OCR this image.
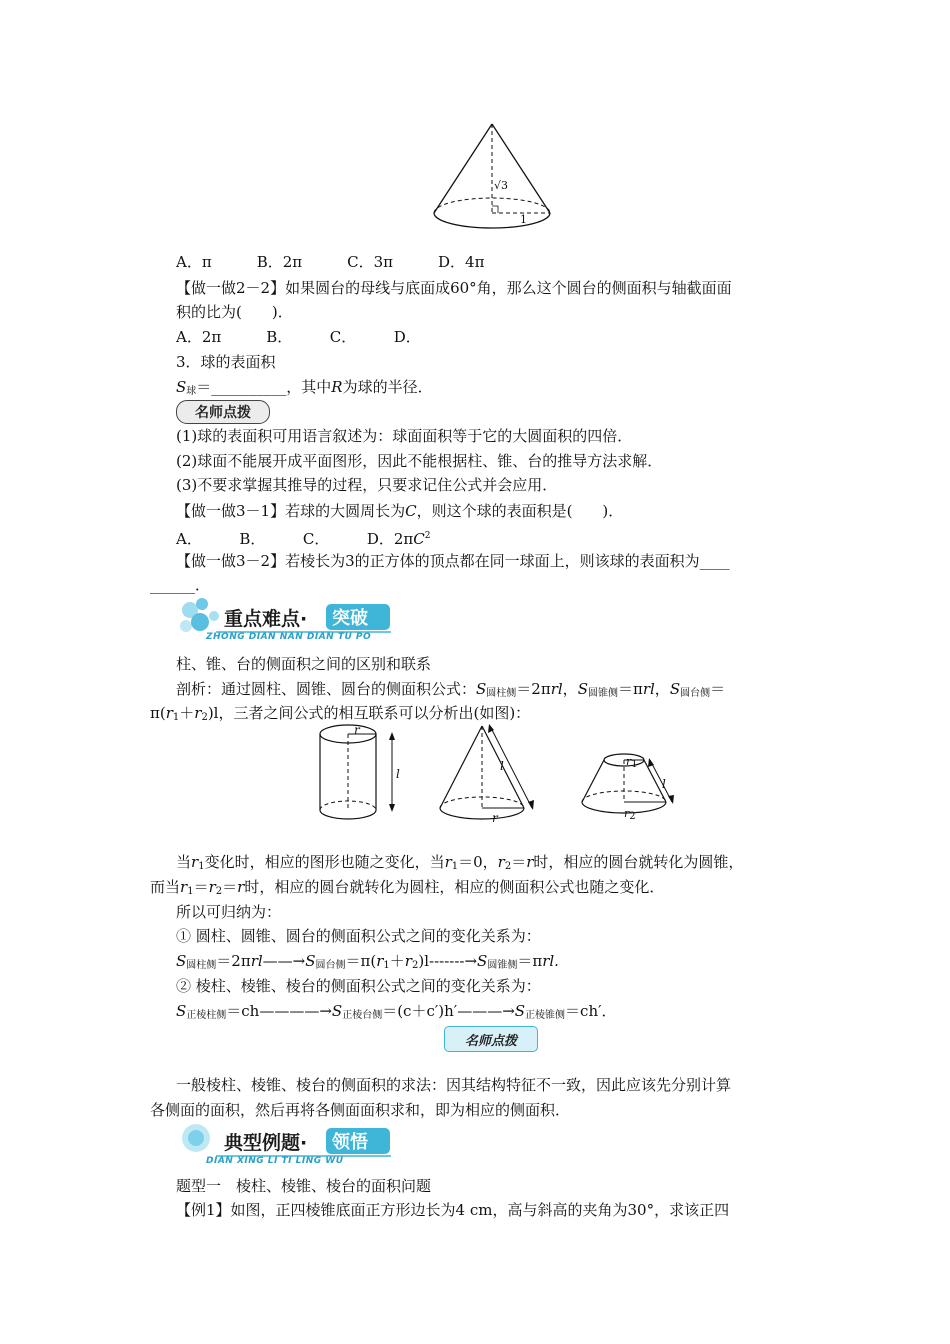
√3
1
A．π　　　B．2π　　　C．3π　　　D．4π
【做一做2－2】如果圆台的母线与底面成60°角，那么这个圆台的侧面积与轴截面面
积的比为(　　)．
A．2π　　　B．　　　C．　　　D．
3．球的表面积
$S_球=\_\_\_\_\_\_\_\_\_\_$，其中R为球的半径．
名师点拨
(1)球的表面积可用语言叙述为：球面面积等于它的大圆面积的四倍．
(2)球面不能展开成平面图形，因此不能根据柱、锥、台的推导方法求解．
(3)不要求掌握其推导的过程，只要求记住公式并会应用．
【做一做3－1】若球的大圆周长为C，则这个球的表面积是(　　)．
A．　　　B．　　　C．　　　D．$2\pi C^2$
【做一做3－2】若棱长为3的正方体的顶点都在同一球面上，则该球的表面积为____
______．
重点难点· 突破
ZHONG DIAN NAN DIAN TU PO
柱、锥、台的侧面积之间的区别和联系
剖析：通过圆柱、圆锥、圆台的侧面积公式：$S_{圆柱侧}=2\pi rl$，$S_{圆锥侧}=\pi rl$，$S_{圆台侧}=$
$\pi(r_1+r_2)l$，三者之间公式的相互联系可以分析出(如图)：
r
l
l
r
$r_1$
l
$r_2$
当$r_1$变化时，相应的图形也随之变化，当$r_1=0$，$r_2=r$时，相应的圆台就转化为圆锥，
而当$r_1=r_2=r$时，相应的圆台就转化为圆柱，相应的侧面积公式也随之变化．
所以可归纳为：
① 圆柱、圆锥、圆台的侧面积公式之间的变化关系为：
$S_{圆柱侧}=2\pi rl——\to S_{圆台侧}=\pi(r_1+r_2)l-------\to S_{圆锥侧}=\pi rl$.
② 棱柱、棱锥、棱台的侧面积公式之间的变化关系为：
$S_{正棱柱侧}=ch————\to S_{正棱台侧}=(c+c')h'———\to S_{正棱锥侧}=ch'$．
名师点拨
一般棱柱、棱锥、棱台的侧面积的求法：因其结构特征不一致，因此应该先分别计算
各侧面的面积，然后再将各侧面面积求和，即为相应的侧面积．
典型例题· 领悟
DIAN XING LI TI LING WU
题型一　棱柱、棱锥、棱台的面积问题
【例1】如图，正四棱锥底面正方形边长为4 cm，高与斜高的夹角为30°，求该正四
